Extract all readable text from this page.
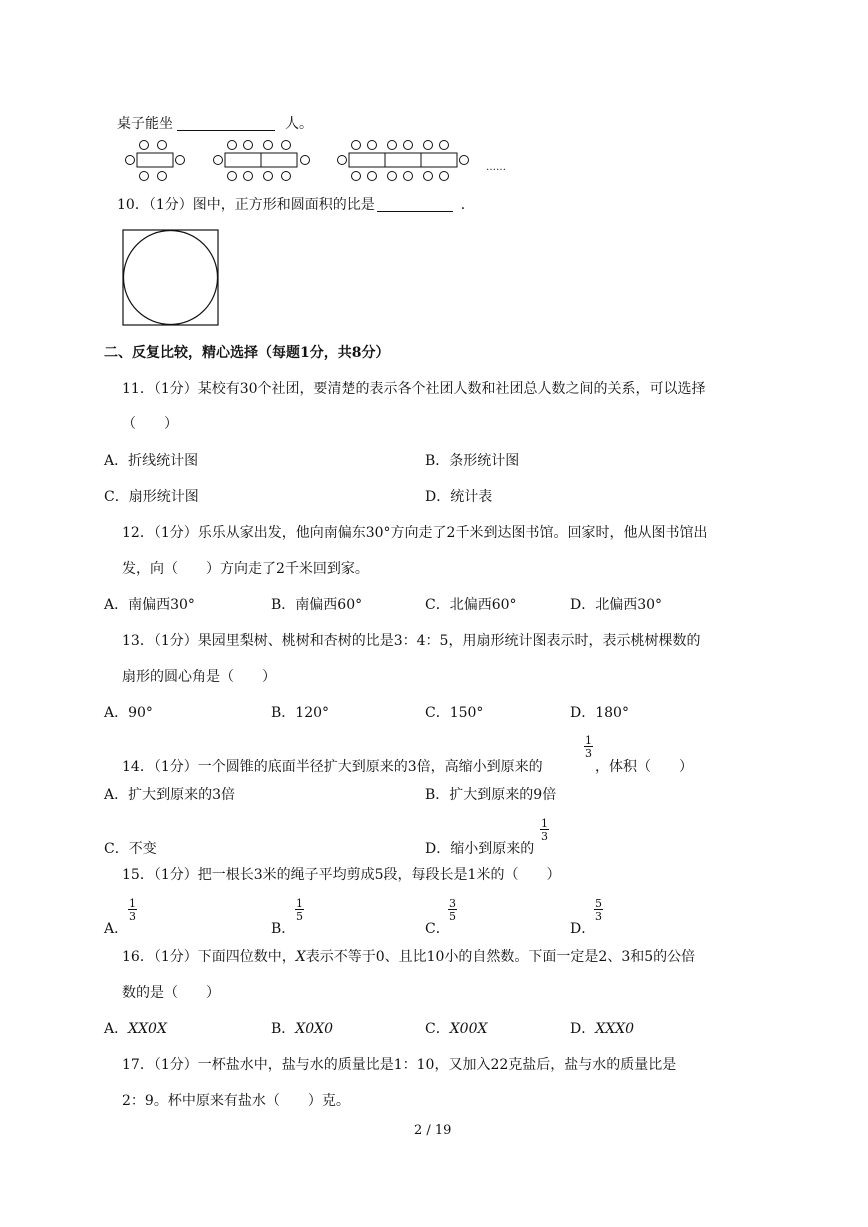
桌子能坐	人。
……
10．（1分）图中，正方形和圆面积的比是	．
二、反复比较，精心选择（每题1分，共8分）
11．（1分）某校有30个社团，要清楚的表示各个社团人数和社团总人数之间的关系，可以选择
（　　）
A．折线统计图	B．条形统计图
C．扇形统计图	D．统计表
12．（1分）乐乐从家出发，他向南偏东30°方向走了2千米到达图书馆。回家时，他从图书馆出
发，向（　　）方向走了2千米回到家。
A．南偏西30°	B．南偏西60°	C．北偏西60°	D．北偏西30°
13．（1分）果园里梨树、桃树和杏树的比是3：4：5，用扇形统计图表示时，表示桃树棵数的
扇形的圆心角是（　　）
A．90°	B．120°	C．150°	D．180°
14．（1分）一个圆锥的底面半径扩大到原来的3倍，高缩小到原来的
$\frac{1}{3}$
，体积（　　）
A．扩大到原来的3倍	B．扩大到原来的9倍
C．不变	D．缩小到原来的
$\frac{1}{3}$
15．（1分）把一根长3米的绳子平均剪成5段，每段长是1米的（　　）
A．
$\frac{1}{3}$
B．
$\frac{1}{5}$
C．
$\frac{3}{5}$
D．
$\frac{5}{3}$
16．（1分）下面四位数中，X表示不等于0、且比10小的自然数。下面一定是2、3和5的公倍
数的是（　　）
A．XX0X	B．X0X0	C．X00X	D．XXX0
17．（1分）一杯盐水中，盐与水的质量比是1：10，又加入22克盐后，盐与水的质量比是
2：9。杯中原来有盐水（　　）克。
2 / 19
